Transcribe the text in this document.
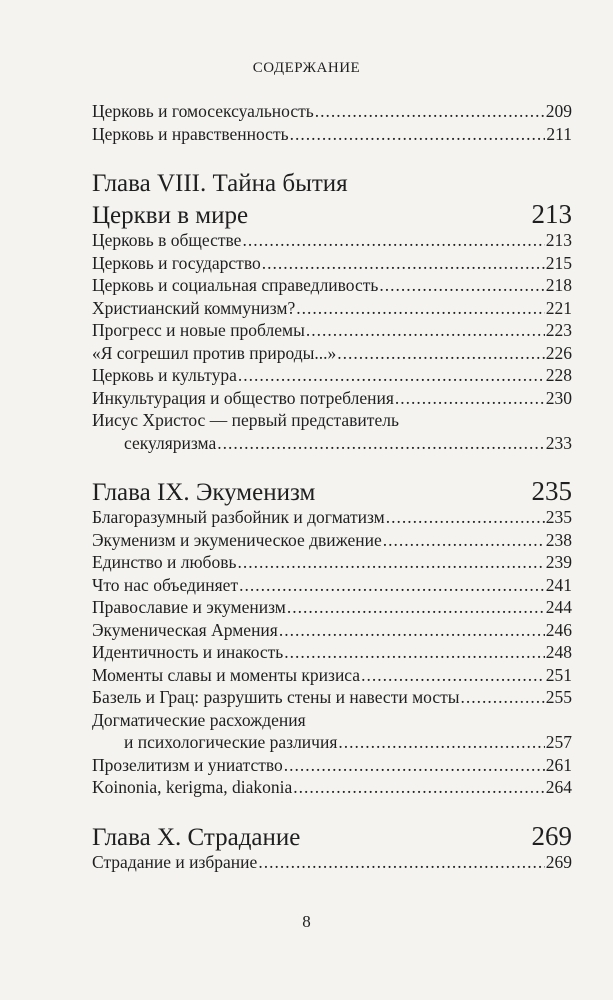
СОДЕРЖАНИЕ
Церковь и гомосексуальность .....	209
Церковь и нравственность .....	211
Глава VIII. Тайна бытия
Церкви в мире	213
Церковь в обществе .....	213
Церковь и государство .....	215
Церковь и социальная справедливость .....	218
Христианский коммунизм? .....	221
Прогресс и новые проблемы .....	223
«Я согрешил против природы...» .....	226
Церковь и культура .....	228
Инкультурация и общество потребления .....	230
Иисус Христос — первый представитель
секуляризма .....	233
Глава IX. Экуменизм	235
Благоразумный разбойник и догматизм .....	235
Экуменизм и экуменическое движение .....	238
Единство и любовь .....	239
Что нас объединяет .....	241
Православие и экуменизм .....	244
Экуменическая Армения .....	246
Идентичность и инакость .....	248
Моменты славы и моменты кризиса .....	251
Базель и Грац: разрушить стены и навести мосты .....	255
Догматические расхождения
и психологические различия .....	257
Прозелитизм и униатство .....	261
Koinonia, kerigma, diakonia .....	264
Глава X. Страдание	269
Страдание и избрание .....	269
8
